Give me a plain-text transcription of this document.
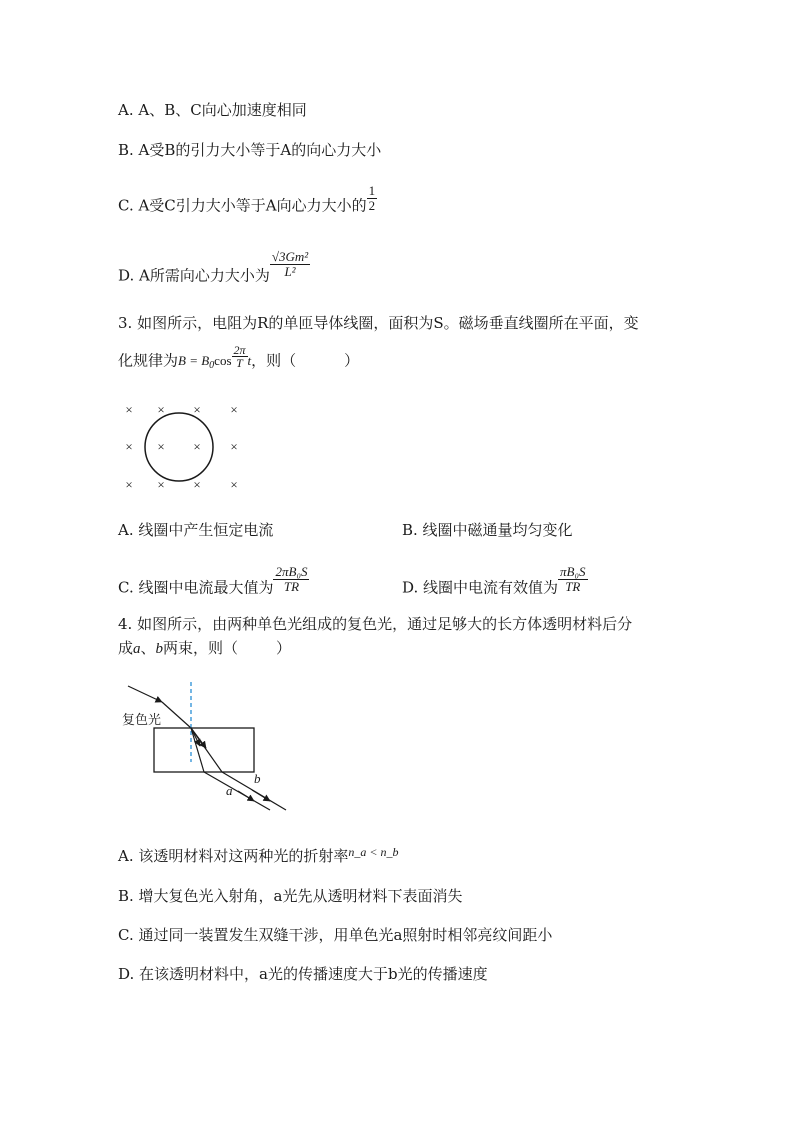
A. A、B、C向心加速度相同
B. A受B的引力大小等于A的向心力大小
C. A受C引力大小等于A向心力大小的 $\frac{1}{2}$
D. A所需向心力大小为 $\frac{\text{√3Gm²}}{\text{L²}}$
3. 如图所示，电阻为R的单匝导体线圈，面积为S。磁场垂直线圈所在平面，变
化规律为$B = B_0\cos \frac{2\pi}{T}$ t，则（	）
× × × ×
× × × ×
× × × ×
A. 线圈中产生恒定电流	B. 线圈中磁通量均匀变化
C. 线圈中电流最大值为 $\frac{\text{2πB₀S}}{TR}$	D. 线圈中电流有效值为 $\frac{\text{πB₀S}}{TR}$
4. 如图所示，由两种单色光组成的复色光，通过足够大的长方体透明材料后分
成a、b两束，则（	）
复色光
a
b
A. 该透明材料对这两种光的折射率$^{n\_a < n\_b}$
B. 增大复色光入射角，a光先从透明材料下表面消失
C. 通过同一装置发生双缝干涉，用单色光a照射时相邻亮纹间距小
D. 在该透明材料中，a光的传播速度大于b光的传播速度
